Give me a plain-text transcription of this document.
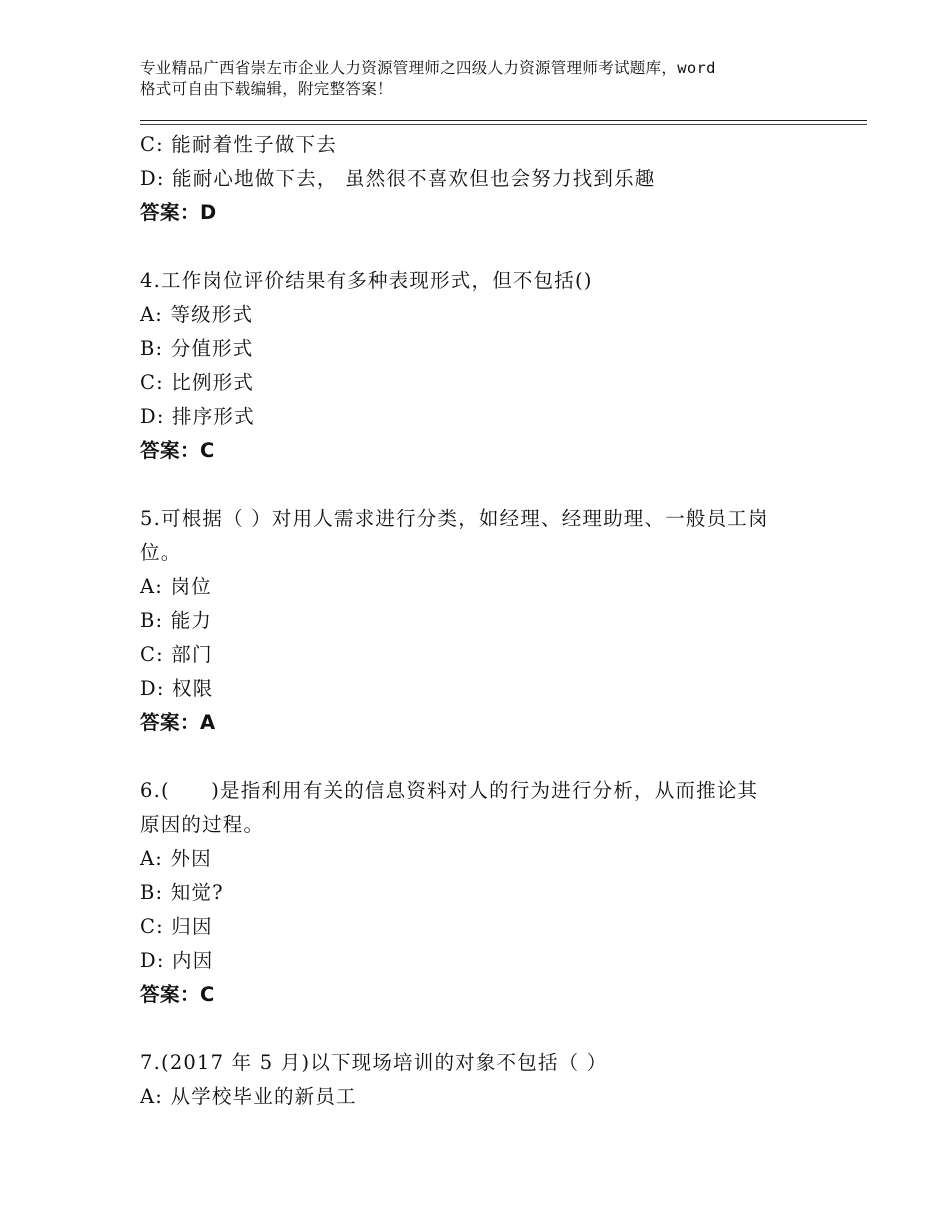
专业精品广西省崇左市企业人力资源管理师之四级人力资源管理师考试题库，word
格式可自由下载编辑，附完整答案！
C: 能耐着性子做下去
D: 能耐心地做下去， 虽然很不喜欢但也会努力找到乐趣
答案：D
4.工作岗位评价结果有多种表现形式，但不包括()
A: 等级形式
B: 分值形式
C: 比例形式
D: 排序形式
答案：C
5.可根据（ ）对用人需求进行分类，如经理、经理助理、一般员工岗
位。
A: 岗位
B: 能力
C: 部门
D: 权限
答案：A
6.(　　)是指利用有关的信息资料对人的行为进行分析，从而推论其
原因的过程。
A: 外因
B: 知觉?
C: 归因
D: 内因
答案：C
7.(2017 年 5 月)以下现场培训的对象不包括（ ）
A: 从学校毕业的新员工
